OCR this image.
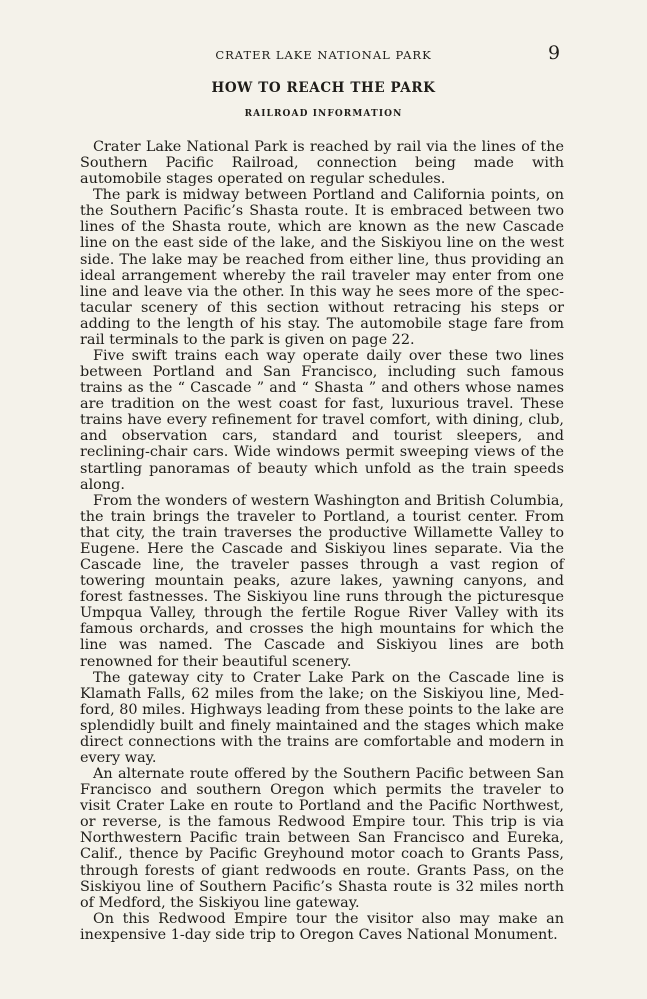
CRATER LAKE NATIONAL PARK	9
HOW TO REACH THE PARK
RAILROAD INFORMATION

Crater Lake National Park is reached by rail via the lines of the Southern Pacific Railroad, connection being made with automobile stages operated on regular schedules.

The park is midway between Portland and California points, on the Southern Pacific’s Shasta route. It is embraced between two lines of the Shasta route, which are known as the new Cascade line on the east side of the lake, and the Siskiyou line on the west side. The lake may be reached from either line, thus providing an ideal arrangement whereby the rail traveler may enter from one line and leave via the other. In this way he sees more of the spectacular scenery of this section without retracing his steps or adding to the length of his stay. The automobile stage fare from rail terminals to the park is given on page 22.

Five swift trains each way operate daily over these two lines between Portland and San Francisco, including such famous trains as the “ Cascade ” and “ Shasta ” and others whose names are tradition on the west coast for fast, luxurious travel. These trains have every refinement for travel comfort, with dining, club, and observation cars, standard and tourist sleepers, and reclining-chair cars. Wide windows permit sweeping views of the startling panoramas of beauty which unfold as the train speeds along.

From the wonders of western Washington and British Columbia, the train brings the traveler to Portland, a tourist center. From that city, the train traverses the productive Willamette Valley to Eugene. Here the Cascade and Siskiyou lines separate. Via the Cascade line, the traveler passes through a vast region of towering mountain peaks, azure lakes, yawning canyons, and forest fastnesses. The Siskiyou line runs through the picturesque Umpqua Valley, through the fertile Rogue River Valley with its famous orchards, and crosses the high mountains for which the line was named. The Cascade and Siskiyou lines are both renowned for their beautiful scenery.

The gateway city to Crater Lake Park on the Cascade line is Klamath Falls, 62 miles from the lake; on the Siskiyou line, Medford, 80 miles. Highways leading from these points to the lake are splendidly built and finely maintained and the stages which make direct connections with the trains are comfortable and modern in every way.

An alternate route offered by the Southern Pacific between San Francisco and southern Oregon which permits the traveler to visit Crater Lake en route to Portland and the Pacific Northwest, or reverse, is the famous Redwood Empire tour. This trip is via Northwestern Pacific train between San Francisco and Eureka, Calif., thence by Pacific Greyhound motor coach to Grants Pass, through forests of giant redwoods en route. Grants Pass, on the Siskiyou line of Southern Pacific’s Shasta route is 32 miles north of Medford, the Siskiyou line gateway.

On this Redwood Empire tour the visitor also may make an inexpensive 1-day side trip to Oregon Caves National Monument.
